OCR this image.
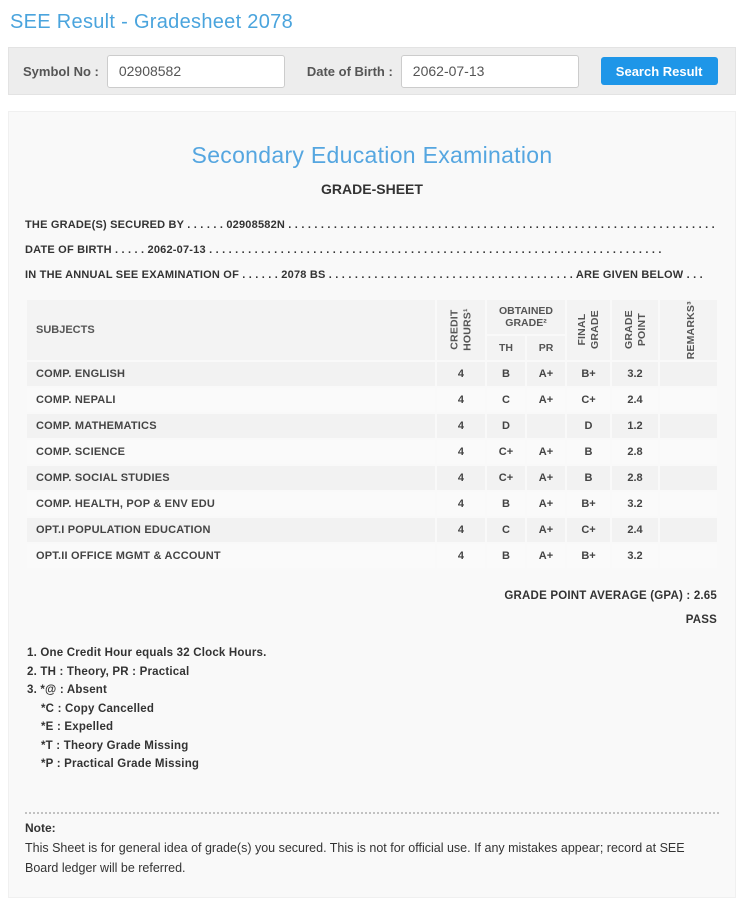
SEE Result - Gradesheet 2078
Symbol No :
02908582	Date of Birth :
2062-07-13	Search Result
Secondary Education Examination
GRADE-SHEET
THE GRADE(S) SECURED BY . . . . . . 02908582N . . . . . . . . . . . . . . . . . . . . . . . . . . . . . . . . . . . . . . . . . . . . . . . . . . . . . . . . . . . . . . . . . .
DATE OF BIRTH . . . . . 2062-07-13 . . . . . . . . . . . . . . . . . . . . . . . . . . . . . . . . . . . . . . . . . . . . . . . . . . . . . . . . . . . . . . . . . . . . . .
IN THE ANNUAL SEE EXAMINATION OF . . . . . . 2078 BS . . . . . . . . . . . . . . . . . . . . . . . . . . . . . . . . . . . . . . ARE GIVEN BELOW . . .
SUBJECTS	CREDIT HOURS¹	OBTAINED GRADE²		FINAL GRADE	GRADE POINT	REMARKS³

		TH	PR			
COMP. ENGLISH	4	B	A+	B+	3.2	
COMP. NEPALI	4	C	A+	C+	2.4	
COMP. MATHEMATICS	4	D		D	1.2	
COMP. SCIENCE	4	C+	A+	B	2.8	
COMP. SOCIAL STUDIES	4	C+	A+	B	2.8	
COMP. HEALTH, POP & ENV EDU	4	B	A+	B+	3.2	
OPT.I POPULATION EDUCATION	4	C	A+	C+	2.4	
OPT.II OFFICE MGMT & ACCOUNT	4	B	A+	B+	3.2	
GRADE POINT AVERAGE (GPA) : 2.65
PASS
1. One Credit Hour equals 32 Clock Hours.
2. TH : Theory, PR : Practical
3. *@ : Absent
*C : Copy Cancelled
*E : Expelled
*T : Theory Grade Missing
*P : Practical Grade Missing
Note:
This Sheet is for general idea of grade(s) you secured. This is not for official use. If any mistakes appear; record at SEE Board ledger will be referred.
